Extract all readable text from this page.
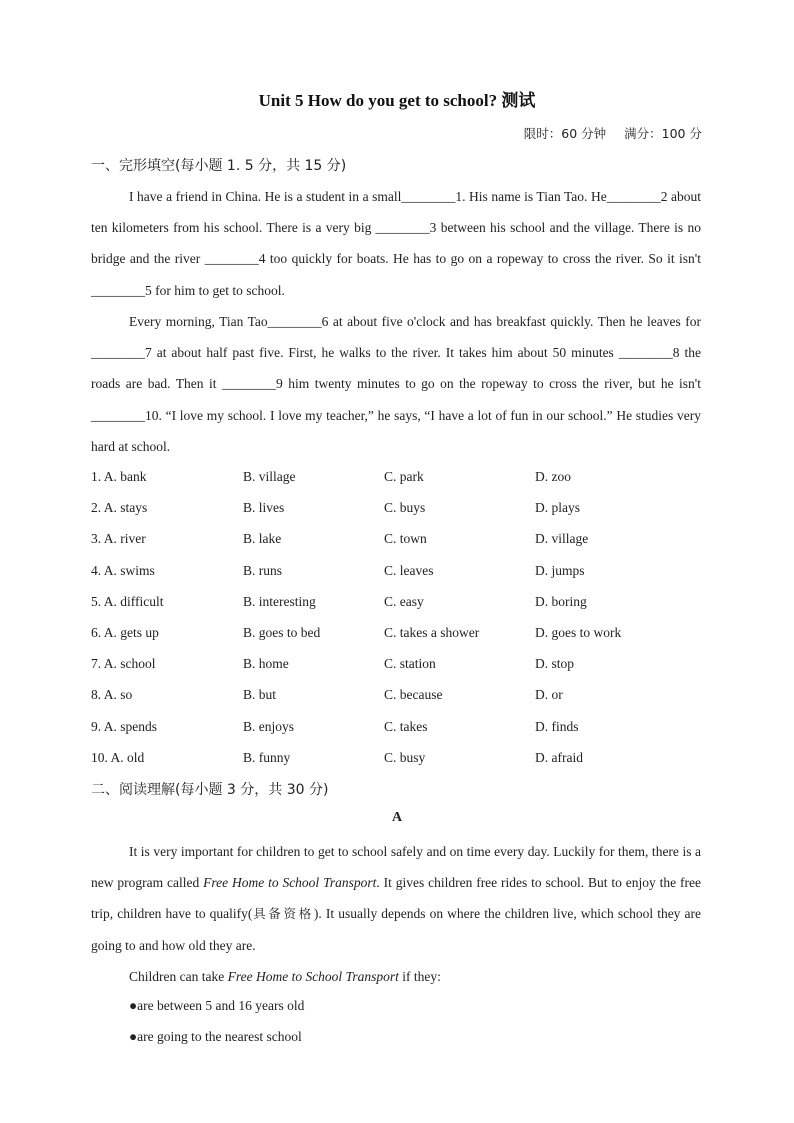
Unit 5 How do you get to school? 测试
限时：60 分钟 满分：100 分
一、完形填空(每小题 1. 5 分，共 15 分)

I have a friend in China. He is a student in a small________1. His name is Tian Tao. He________2 about ten kilometers from his school. There is a very big ________3 between his school and the village. There is no bridge and the river ________4 too quickly for boats. He has to go on a ropeway to cross the river. So it isn't ________5 for him to get to school.

Every morning, Tian Tao________6 at about five o'clock and has breakfast quickly. Then he leaves for ________7 at about half past five. First, he walks to the river. It takes him about 50 minutes ________8 the roads are bad. Then it ________9 him twenty minutes to go on the ropeway to cross the river, but he isn't ________10. “I love my school. I love my teacher,” he says, “I have a lot of fun in our school.” He studies very hard at school.

1. A. bank	B. village	C. park	D. zoo
2. A. stays	B. lives	C. buys	D. plays
3. A. river	B. lake	C. town	D. village
4. A. swims	B. runs	C. leaves	D. jumps
5. A. difficult	B. interesting	C. easy	D. boring
6. A. gets up	B. goes to bed	C. takes a shower	D. goes to work
7. A. school	B. home	C. station	D. stop
8. A. so	B. but	C. because	D. or
9. A. spends	B. enjoys	C. takes	D. finds
10. A. old	B. funny	C. busy	D. afraid
二、阅读理解(每小题 3 分，共 30 分)
A

It is very important for children to get to school safely and on time every day. Luckily for them, there is a new program called Free Home to School Transport. It gives children free rides to school. But to enjoy the free trip, children have to qualify(具备资格). It usually depends on where the children live, which school they are going to and how old they are.

Children can take Free Home to School Transport if they:

●are between 5 and 16 years old

●are going to the nearest school
